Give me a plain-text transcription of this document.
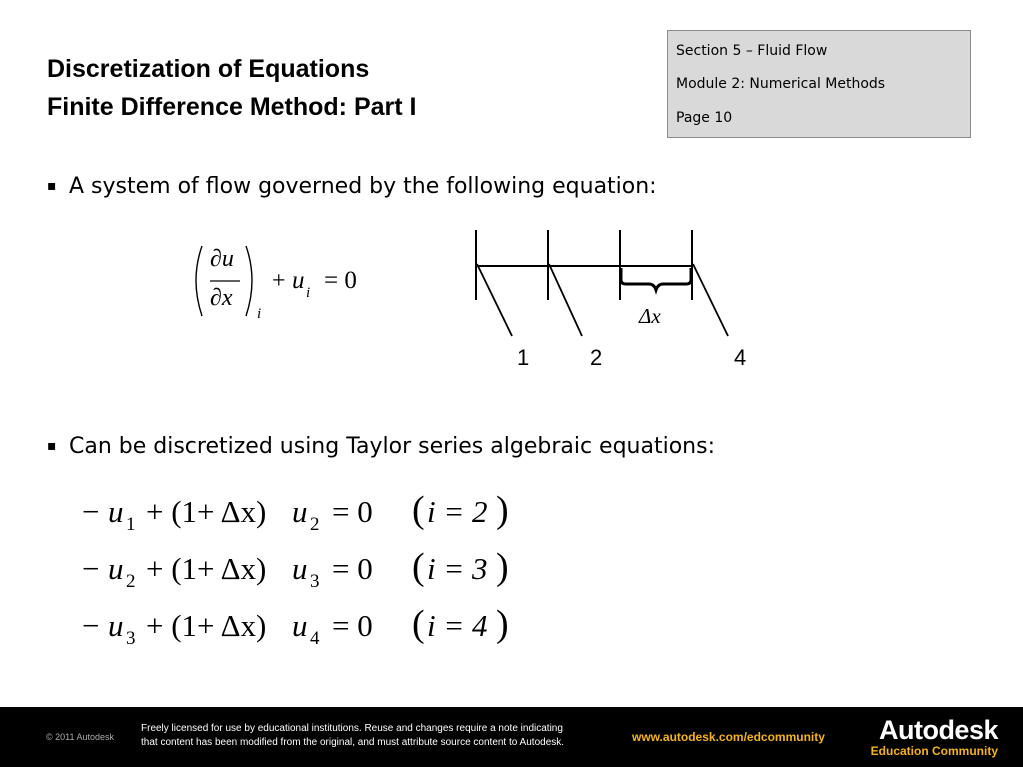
Discretization of Equations
Finite Difference Method: Part I
Section 5 – Fluid Flow
Module 2: Numerical Methods
Page 10
▪ A system of flow governed by the following equation:
∂u
∂x
i
+ u i = 0
Δx
1	2	4
▪ Can be discretized using Taylor series algebraic equations:
− u 1 + (1+ Δx) u 2 = 0 ( i = 2 )
− u 2 + (1+ Δx) u 3 = 0 ( i = 3 )
− u 3 + (1+ Δx) u 4 = 0 ( i = 4 )
© 2011 Autodesk
Freely licensed for use by educational institutions. Reuse and changes require a note indicating
that content has been modified from the original, and must attribute source content to Autodesk.	www.autodesk.com/edcommunity	Autodesk
Education Community
